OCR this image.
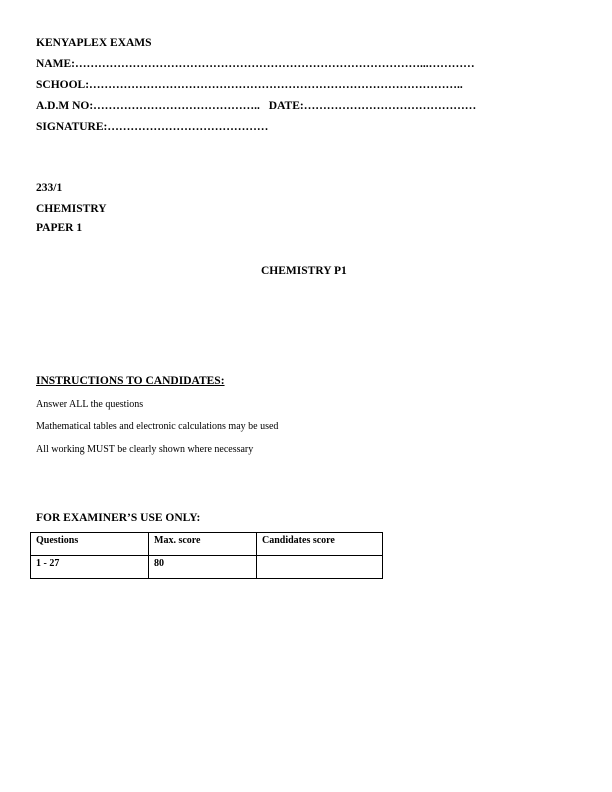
KENYAPLEX EXAMS
NAME:………………………………………………………………………………...…………
SCHOOL:……………………………………………………………………………………..
A.D.M NO:…………………………………….. DATE:………………………………………
SIGNATURE:……………………………………
233/1
CHEMISTRY
PAPER 1
CHEMISTRY P1
INSTRUCTIONS TO CANDIDATES:
Answer ALL the questions
Mathematical tables and electronic calculations may be used
All working MUST be clearly shown where necessary
FOR EXAMINER’S USE ONLY:
Questions	Max. score	Candidates score
1 - 27	80	
